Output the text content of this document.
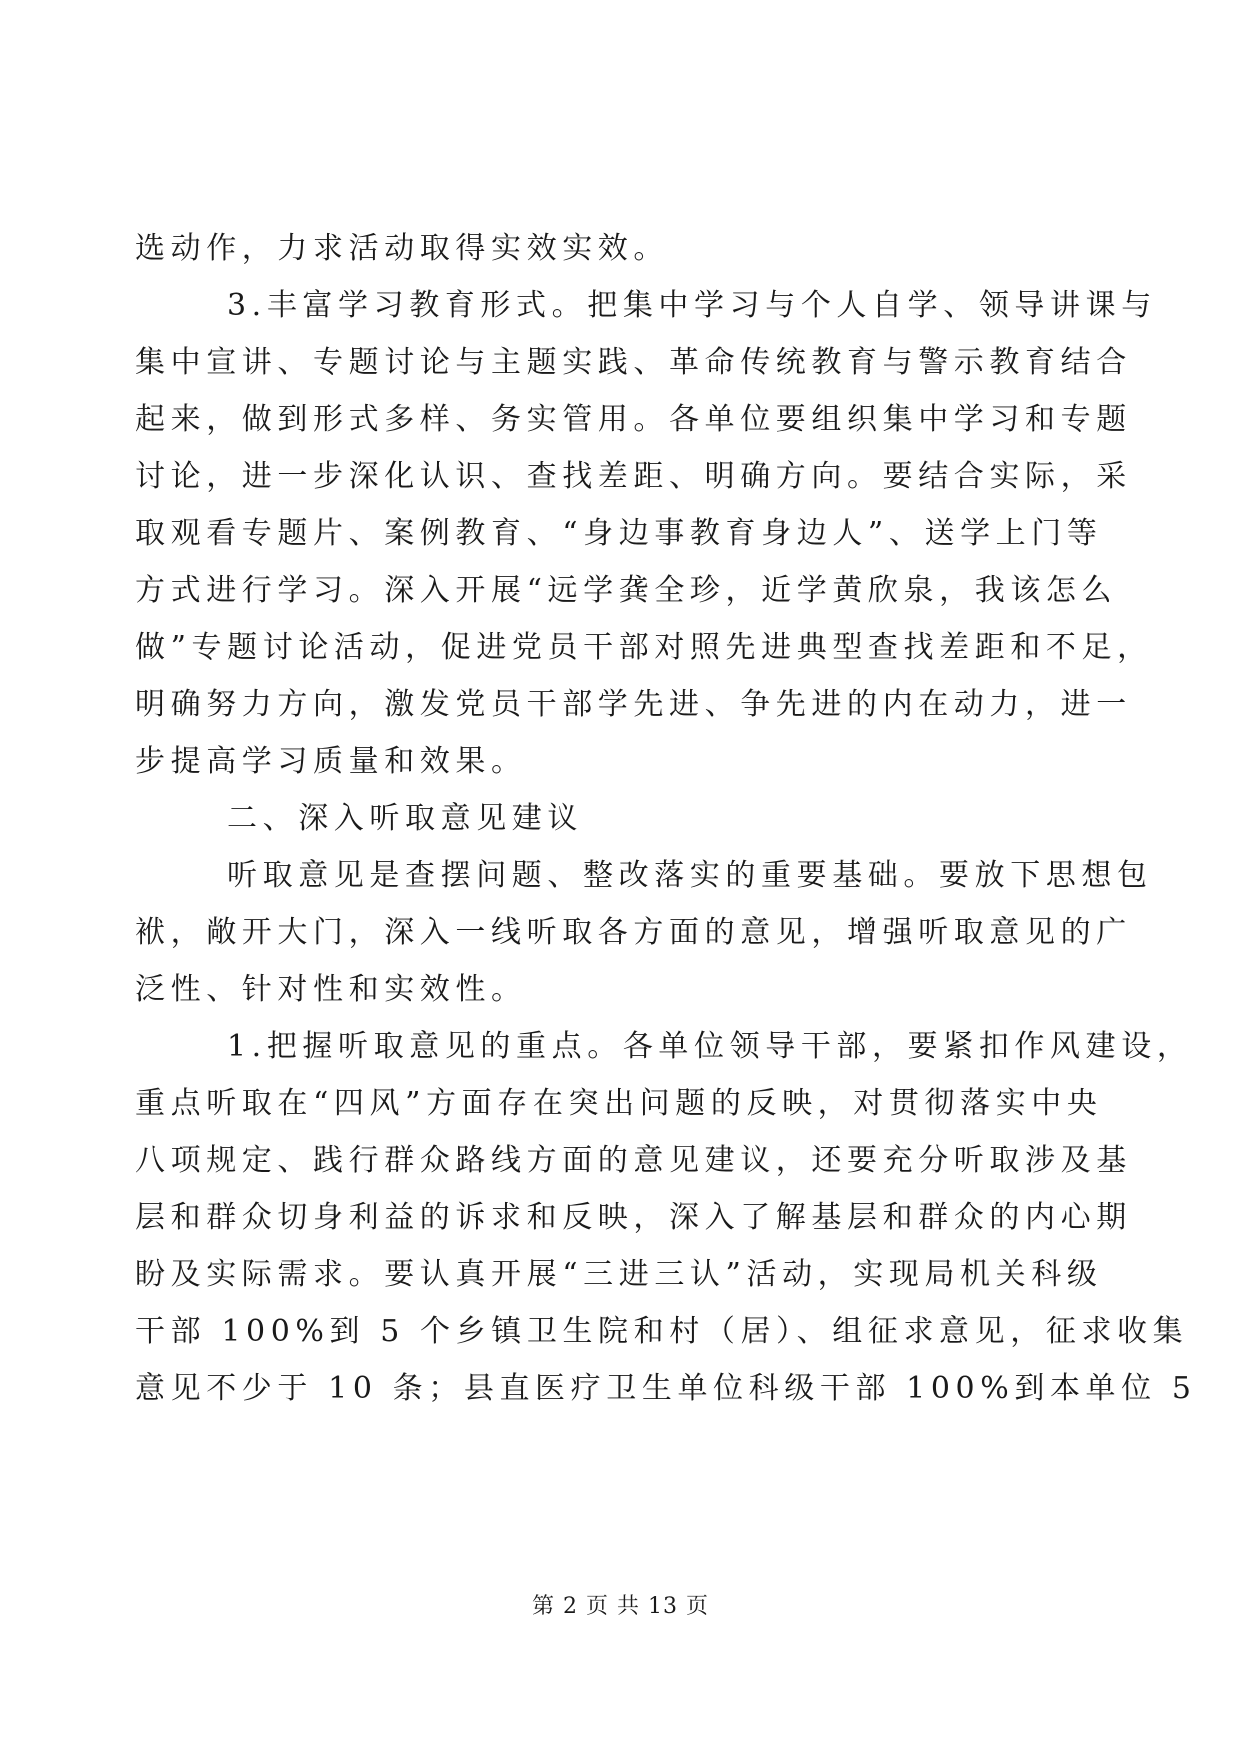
选动作，力求活动取得实效实效。
3.丰富学习教育形式。把集中学习与个人自学、领导讲课与
集中宣讲、专题讨论与主题实践、革命传统教育与警示教育结合
起来，做到形式多样、务实管用。各单位要组织集中学习和专题
讨论，进一步深化认识、查找差距、明确方向。要结合实际，采
取观看专题片、案例教育、“身边事教育身边人”、送学上门等
方式进行学习。深入开展“远学龚全珍，近学黄欣泉，我该怎么
做”专题讨论活动，促进党员干部对照先进典型查找差距和不足，
明确努力方向，激发党员干部学先进、争先进的内在动力，进一
步提高学习质量和效果。
二、深入听取意见建议
听取意见是查摆问题、整改落实的重要基础。要放下思想包
袱，敞开大门，深入一线听取各方面的意见，增强听取意见的广
泛性、针对性和实效性。
1.把握听取意见的重点。各单位领导干部，要紧扣作风建设，
重点听取在“四风”方面存在突出问题的反映，对贯彻落实中央
八项规定、践行群众路线方面的意见建议，还要充分听取涉及基
层和群众切身利益的诉求和反映，深入了解基层和群众的内心期
盼及实际需求。要认真开展“三进三认”活动，实现局机关科级
干部 100%到 5 个乡镇卫生院和村（居）、组征求意见，征求收集
意见不少于 10 条；县直医疗卫生单位科级干部 100%到本单位 5
第 2 页 共 13 页
